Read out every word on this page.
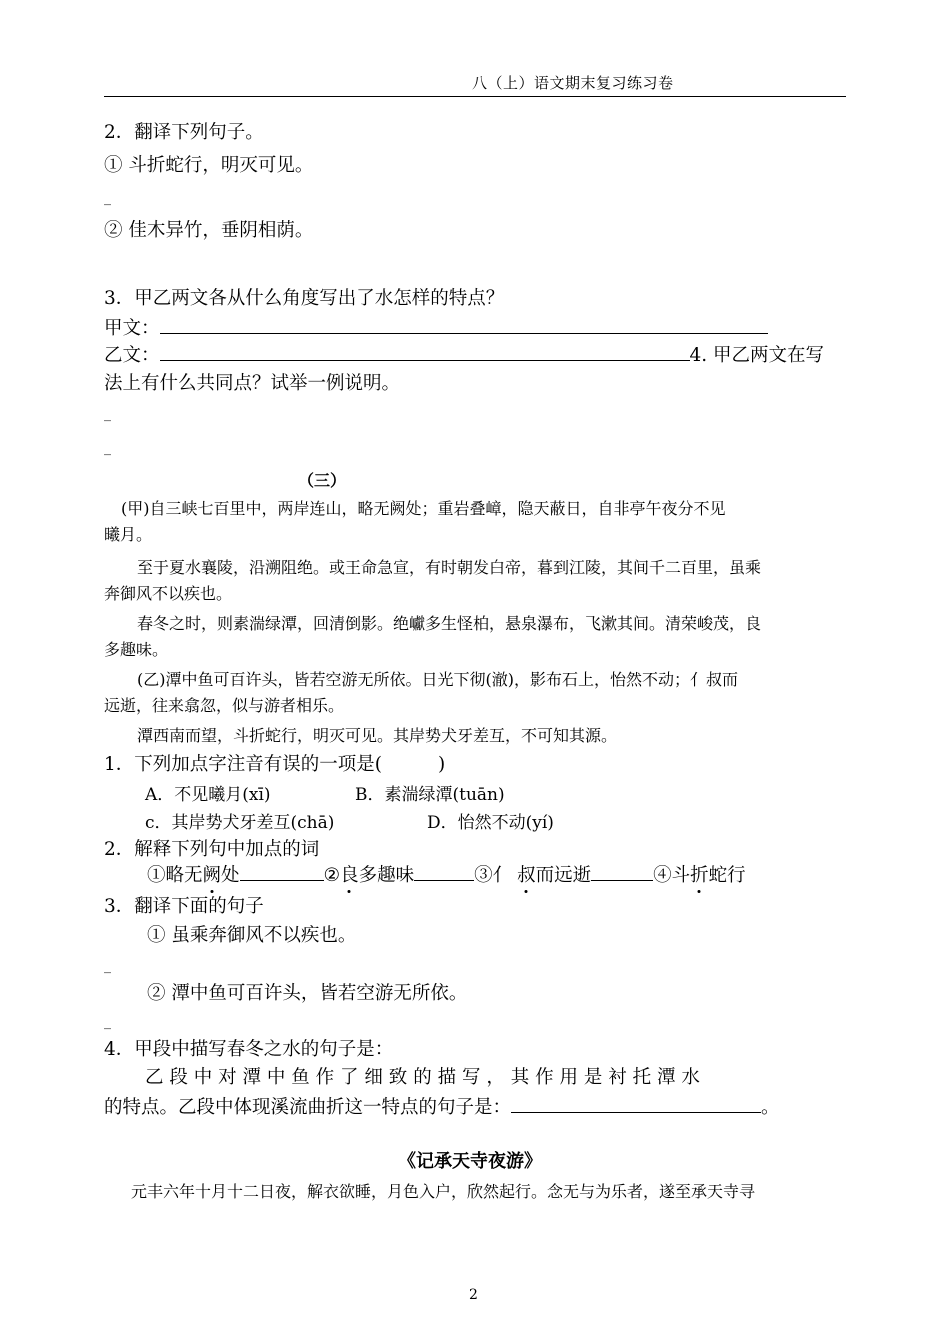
八（上）语文期末复习练习卷
2．翻译下列句子。
① 斗折蛇行，明灭可见。
_
② 佳木异竹，垂阴相荫。
3．甲乙两文各从什么角度写出了水怎样的特点？
甲文：
乙文：	4. 甲乙两文在写
法上有什么共同点？试举一例说明。
_
_
（三）
(甲)自三峡七百里中，两岸连山，略无阙处；重岩叠嶂，隐天蔽日，自非亭午夜分不见
曦月。
至于夏水襄陵，沿溯阻绝。或王命急宣，有时朝发白帝，暮到江陵，其间千二百里，虽乘
奔御风不以疾也。
春冬之时，则素湍绿潭，回清倒影。绝巘多生怪柏，悬泉瀑布，飞漱其间。清荣峻茂，良
多趣味。
(乙)潭中鱼可百许头，皆若空游无所依。日光下彻(澈)，影布石上，怡然不动；亻叔而
远逝，往来翕忽，似与游者相乐。
潭西南而望，斗折蛇行，明灭可见。其岸势犬牙差互，不可知其源。
1．下列加点字注音有误的一项是(	)
A．不见曦月(xī)	B．素湍绿潭(tuān)
c．其岸势犬牙差互(chā)	D．怡然不动(yí)
2．解释下列句中加点的词
①略无阙处	②良多趣味	③亻 叔而远逝	④斗折蛇行
3．翻译下面的句子
① 虽乘奔御风不以疾也。
_
② 潭中鱼可百许头，皆若空游无所依。
_
4．甲段中描写春冬之水的句子是：
乙 段 中 对 潭 中 鱼 作 了 细 致 的 描 写 ， 其 作 用 是 衬 托 潭 水
的特点。乙段中体现溪流曲折这一特点的句子是：	。
《记承天寺夜游》
元丰六年十月十二日夜，解衣欲睡，月色入户，欣然起行。念无与为乐者，遂至承天寺寻
2
